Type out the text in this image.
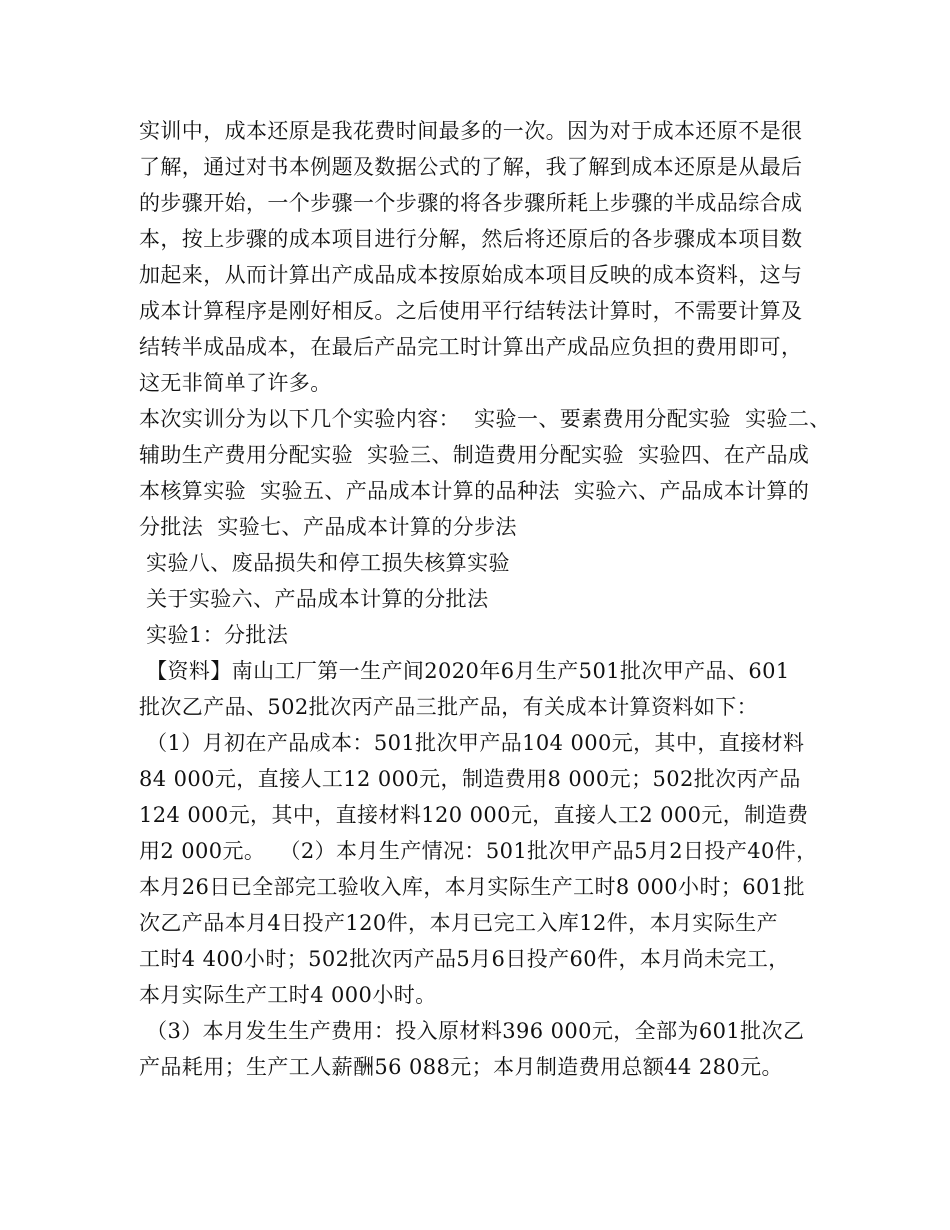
实训中，成本还原是我花费时间最多的一次。因为对于成本还原不是很
了解，通过对书本例题及数据公式的了解，我了解到成本还原是从最后
的步骤开始，一个步骤一个步骤的将各步骤所耗上步骤的半成品综合成
本，按上步骤的成本项目进行分解，然后将还原后的各步骤成本项目数
加起来，从而计算出产成品成本按原始成本项目反映的成本资料，这与
成本计算程序是刚好相反。之后使用平行结转法计算时，不需要计算及
结转半成品成本，在最后产品完工时计算出产成品应负担的费用即可，
这无非简单了许多。
本次实训分为以下几个实验内容：  实验一、要素费用分配实验  实验二、
辅助生产费用分配实验  实验三、制造费用分配实验  实验四、在产品成
本核算实验  实验五、产品成本计算的品种法  实验六、产品成本计算的
分批法  实验七、产品成本计算的分步法
实验八、废品损失和停工损失核算实验
关于实验六、产品成本计算的分批法
实验1：分批法
【资料】南山工厂第一生产间2020年6月生产501批次甲产品、601
批次乙产品、502批次丙产品三批产品，有关成本计算资料如下：
（1）月初在产品成本：501批次甲产品104 000元，其中，直接材料
84 000元，直接人工12 000元，制造费用8 000元；502批次丙产品
124 000元，其中，直接材料120 000元，直接人工2 000元，制造费
用2 000元。  （2）本月生产情况：501批次甲产品5月2日投产40件，
本月26日已全部完工验收入库，本月实际生产工时8 000小时；601批
次乙产品本月4日投产120件，本月已完工入库12件，本月实际生产
工时4 400小时；502批次丙产品5月6日投产60件，本月尚未完工，
本月实际生产工时4 000小时。
（3）本月发生生产费用：投入原材料396 000元，全部为601批次乙
产品耗用；生产工人薪酬56 088元；本月制造费用总额44 280元。
